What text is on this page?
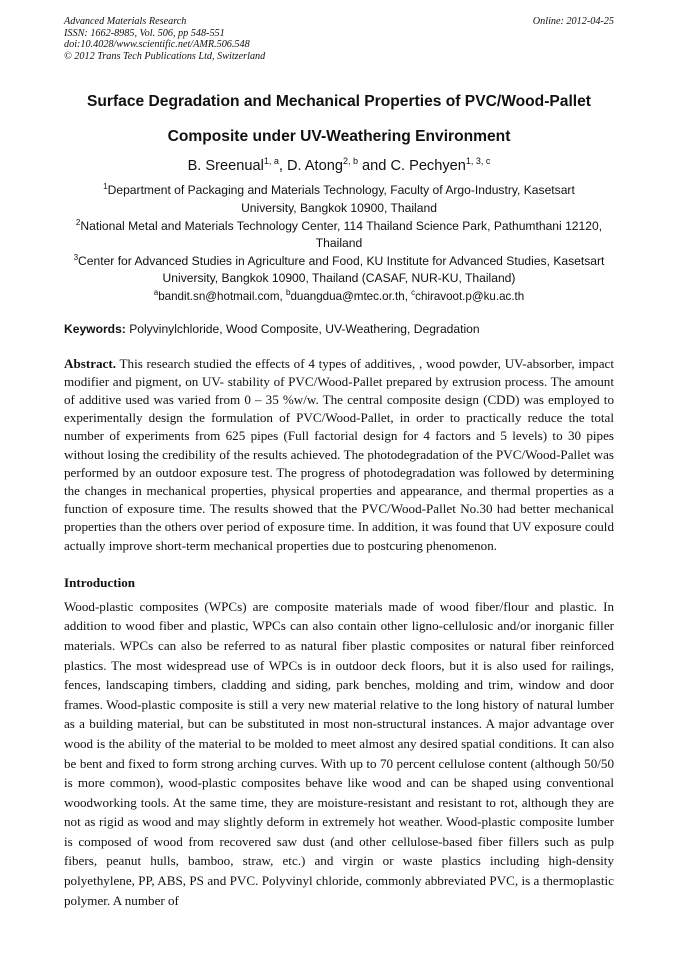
Advanced Materials Research
ISSN: 1662-8985, Vol. 506, pp 548-551
doi:10.4028/www.scientific.net/AMR.506.548
© 2012 Trans Tech Publications Ltd, Switzerland
Online: 2012-04-25
Surface Degradation and Mechanical Properties of PVC/Wood-Pallet
Composite under UV-Weathering Environment
B. Sreenual$^{1, a}$, D. Atong$^{2, b}$ and C. Pechyen$^{1, 3, c}$
$^1$Department of Packaging and Materials Technology, Faculty of Argo-Industry, Kasetsart
University, Bangkok 10900, Thailand
$^2$National Metal and Materials Technology Center, 114 Thailand Science Park, Pathumthani 12120,
Thailand
$^3$Center for Advanced Studies in Agriculture and Food, KU Institute for Advanced Studies, Kasetsart
University, Bangkok 10900, Thailand (CASAF, NUR-KU, Thailand)
$^a$bandit.sn@hotmail.com, $^b$duangdua@mtec.or.th, $^c$chiravoot.p@ku.ac.th
Keywords: Polyvinylchloride, Wood Composite, UV-Weathering, Degradation
Abstract. This research studied the effects of 4 types of additives, , wood powder, UV-absorber, impact modifier and pigment, on UV- stability of PVC/Wood-Pallet prepared by extrusion process. The amount of additive used was varied from 0 – 35 %w/w. The central composite design (CDD) was employed to experimentally design the formulation of PVC/Wood-Pallet, in order to practically reduce the total number of experiments from 625 pipes (Full factorial design for 4 factors and 5 levels) to 30 pipes without losing the credibility of the results achieved. The photodegradation of the PVC/Wood-Pallet was performed by an outdoor exposure test. The progress of photodegradation was followed by determining the changes in mechanical properties, physical properties and appearance, and thermal properties as a function of exposure time. The results showed that the PVC/Wood-Pallet No.30 had better mechanical properties than the others over period of exposure time. In addition, it was found that UV exposure could actually improve short-term mechanical properties due to postcuring phenomenon.
Introduction
Wood-plastic composites (WPCs) are composite materials made of wood fiber/flour and plastic. In addition to wood fiber and plastic, WPCs can also contain other ligno-cellulosic and/or inorganic filler materials. WPCs can also be referred to as natural fiber plastic composites or natural fiber reinforced plastics. The most widespread use of WPCs is in outdoor deck floors, but it is also used for railings, fences, landscaping timbers, cladding and siding, park benches, molding and trim, window and door frames. Wood-plastic composite is still a very new material relative to the long history of natural lumber as a building material, but can be substituted in most non-structural instances. A major advantage over wood is the ability of the material to be molded to meet almost any desired spatial conditions. It can also be bent and fixed to form strong arching curves. With up to 70 percent cellulose content (although 50/50 is more common), wood-plastic composites behave like wood and can be shaped using conventional woodworking tools. At the same time, they are moisture-resistant and resistant to rot, although they are not as rigid as wood and may slightly deform in extremely hot weather. Wood-plastic composite lumber is composed of wood from recovered saw dust (and other cellulose-based fiber fillers such as pulp fibers, peanut hulls, bamboo, straw, etc.) and virgin or waste plastics including high-density polyethylene, PP, ABS, PS and PVC. Polyvinyl chloride, commonly abbreviated PVC, is a thermoplastic polymer. A number of
